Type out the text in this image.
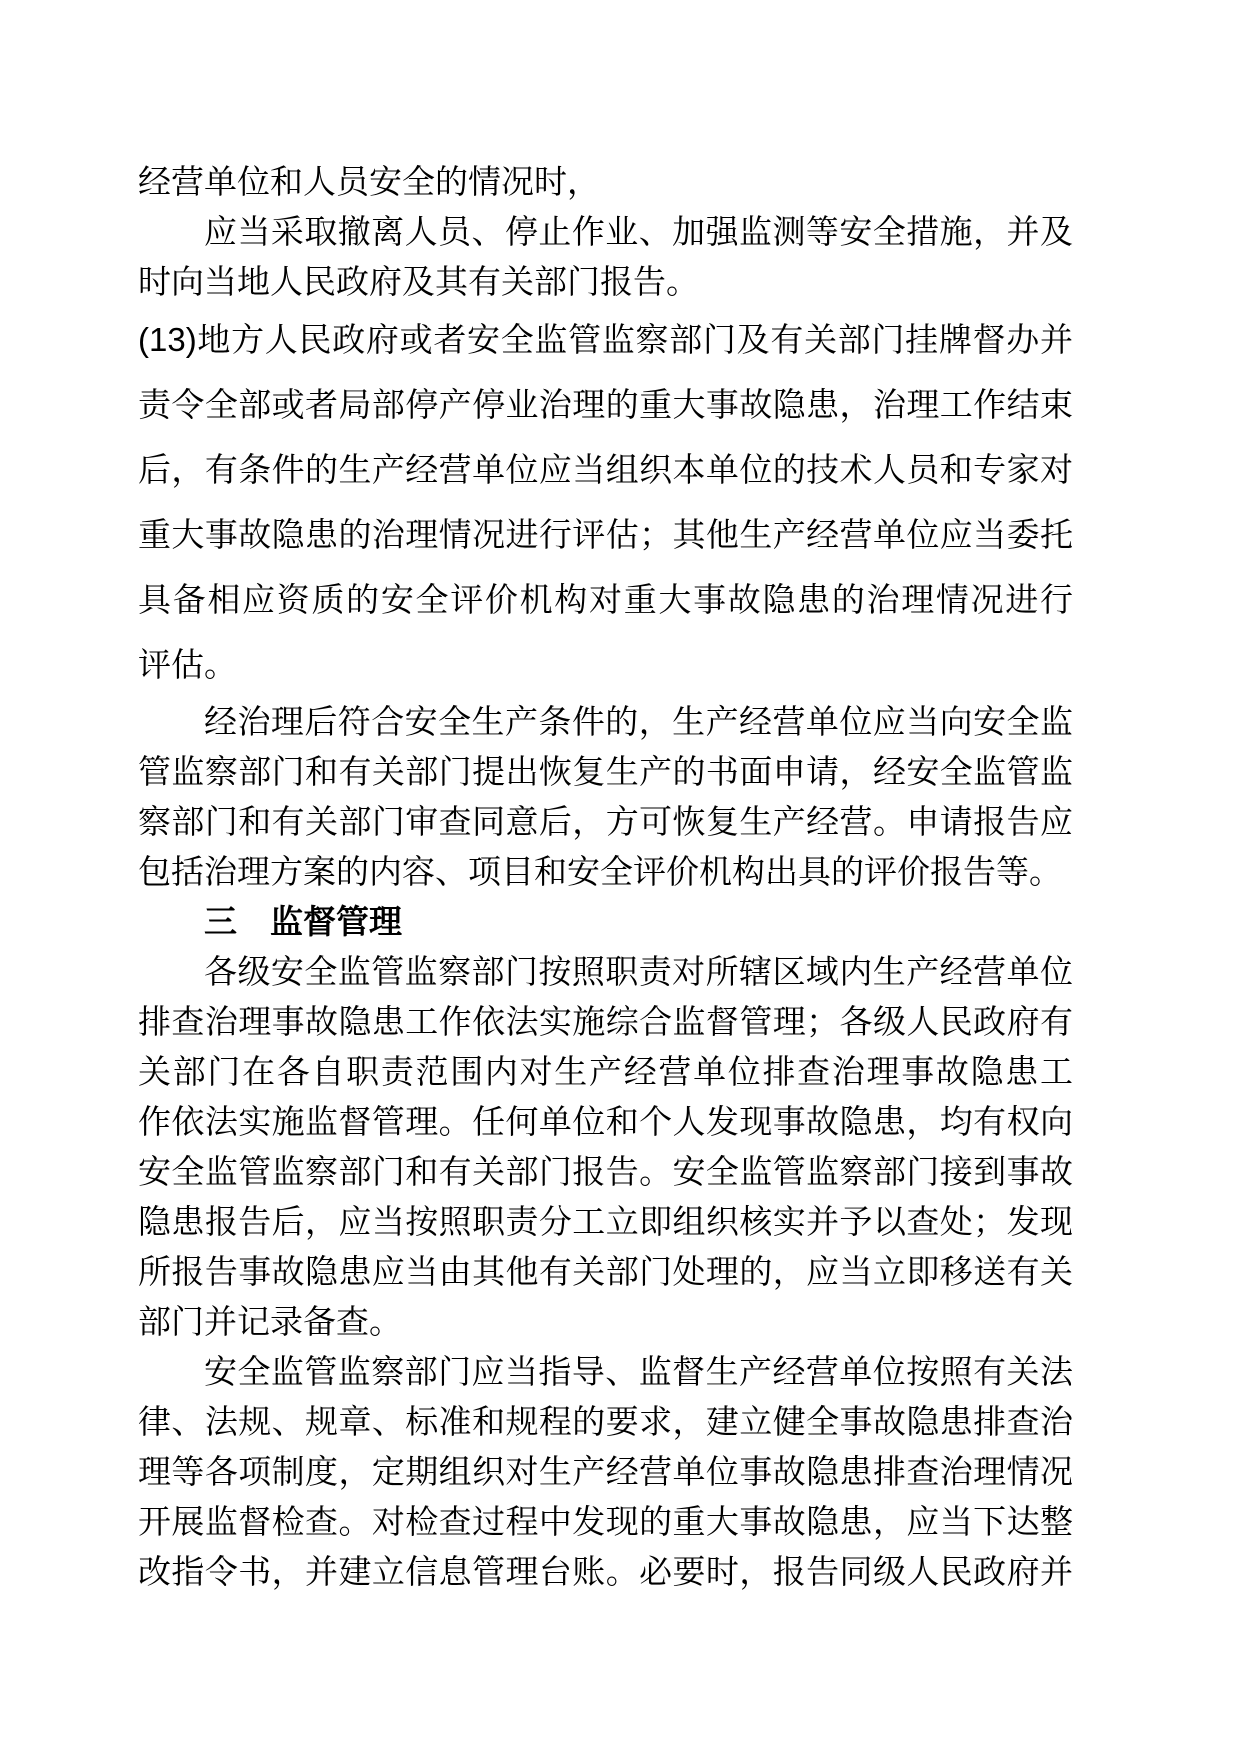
经营单位和人员安全的情况时，
应当采取撤离人员、停止作业、加强监测等安全措施，并及
时向当地人民政府及其有关部门报告。
(13)地方人民政府或者安全监管监察部门及有关部门挂牌督办并
责令全部或者局部停产停业治理的重大事故隐患，治理工作结束
后，有条件的生产经营单位应当组织本单位的技术人员和专家对
重大事故隐患的治理情况进行评估；其他生产经营单位应当委托
具备相应资质的安全评价机构对重大事故隐患的治理情况进行
评估。
经治理后符合安全生产条件的，生产经营单位应当向安全监
管监察部门和有关部门提出恢复生产的书面申请，经安全监管监
察部门和有关部门审查同意后，方可恢复生产经营。申请报告应
包括治理方案的内容、项目和安全评价机构出具的评价报告等。
三　监督管理
各级安全监管监察部门按照职责对所辖区域内生产经营单位
排查治理事故隐患工作依法实施综合监督管理；各级人民政府有
关部门在各自职责范围内对生产经营单位排查治理事故隐患工
作依法实施监督管理。任何单位和个人发现事故隐患，均有权向
安全监管监察部门和有关部门报告。安全监管监察部门接到事故
隐患报告后，应当按照职责分工立即组织核实并予以查处；发现
所报告事故隐患应当由其他有关部门处理的，应当立即移送有关
部门并记录备查。
安全监管监察部门应当指导、监督生产经营单位按照有关法
律、法规、规章、标准和规程的要求，建立健全事故隐患排查治
理等各项制度，定期组织对生产经营单位事故隐患排查治理情况
开展监督检查。对检查过程中发现的重大事故隐患，应当下达整
改指令书，并建立信息管理台账。必要时，报告同级人民政府并
